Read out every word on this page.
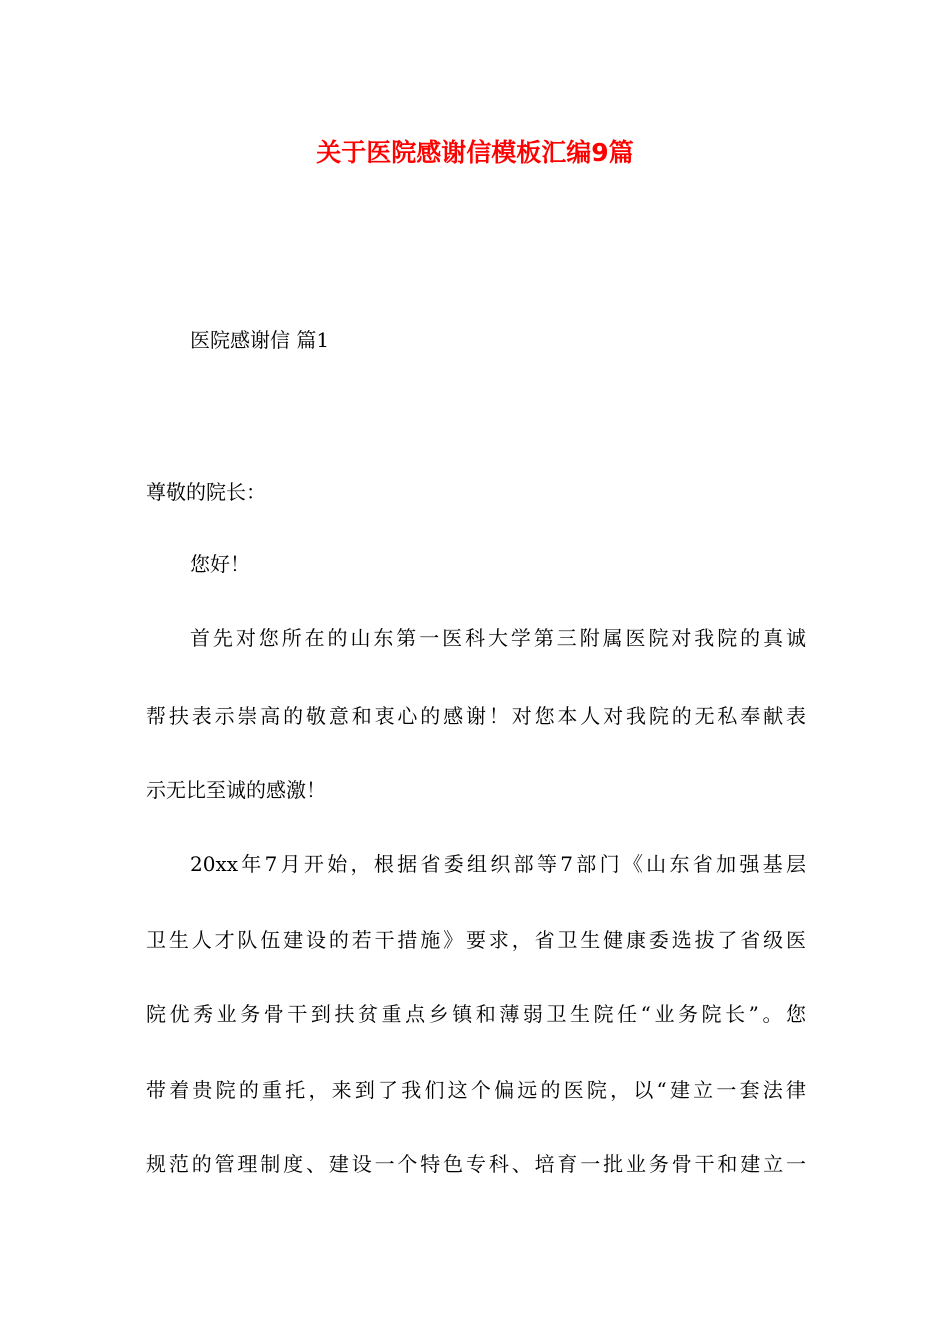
关于医院感谢信模板汇编9篇

医院感谢信 篇1

尊敬的院长：

您好！

首先对您所在的山东第一医科大学第三附属医院对我院的真诚

帮扶表示崇高的敬意和衷心的感谢！对您本人对我院的无私奉献表

示无比至诚的感激！

20xx年7月开始，根据省委组织部等7部门《山东省加强基层

卫生人才队伍建设的若干措施》要求，省卫生健康委选拔了省级医

院优秀业务骨干到扶贫重点乡镇和薄弱卫生院任“业务院长”。您

带着贵院的重托，来到了我们这个偏远的医院，以“建立一套法律

规范的管理制度、建设一个特色专科、培育一批业务骨干和建立一
